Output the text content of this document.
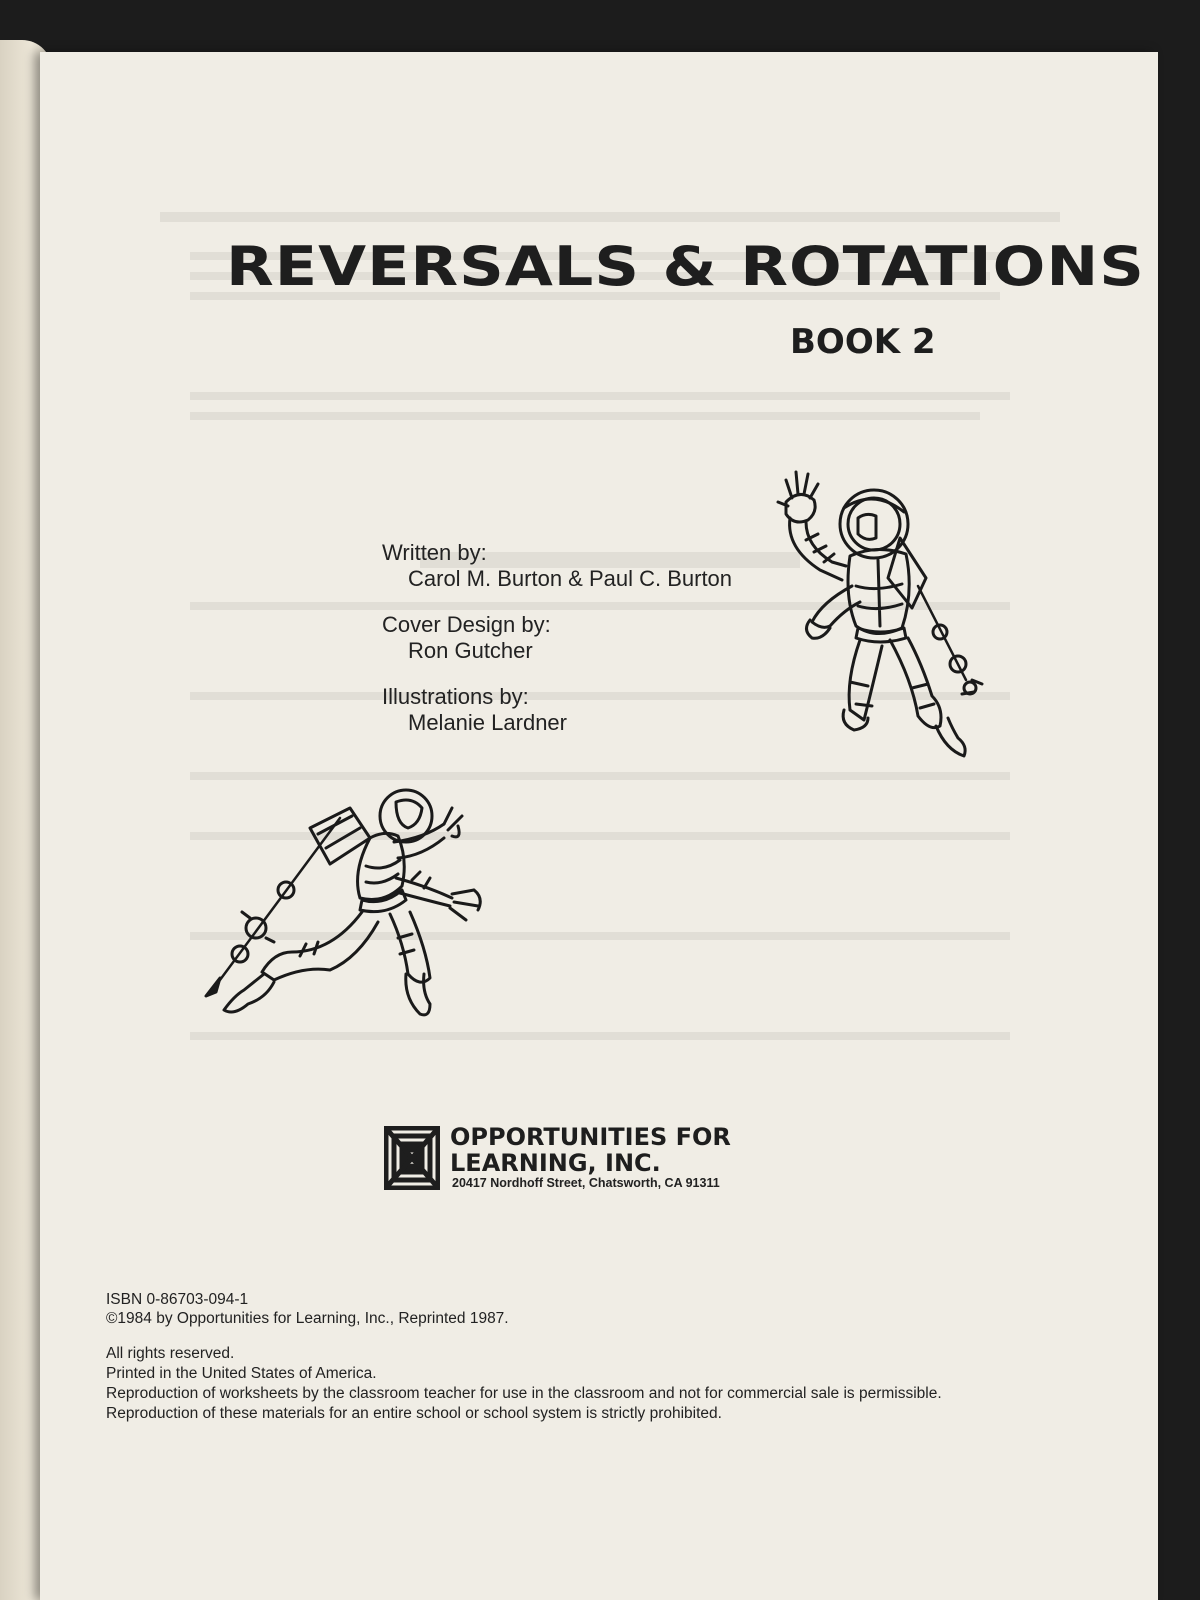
REVERSALS & ROTATIONS
BOOK 2
Written by:
Carol M. Burton & Paul C. Burton
Cover Design by:
Ron Gutcher
Illustrations by:
Melanie Lardner
OPPORTUNITIES FOR
LEARNING, INC.
20417 Nordhoff Street, Chatsworth, CA 91311
ISBN 0-86703-094-1
©1984 by Opportunities for Learning, Inc., Reprinted 1987.
All rights reserved.
Printed in the United States of America.
Reproduction of worksheets by the classroom teacher for use in the classroom and not for commercial sale is permissible.
Reproduction of these materials for an entire school or school system is strictly prohibited.
